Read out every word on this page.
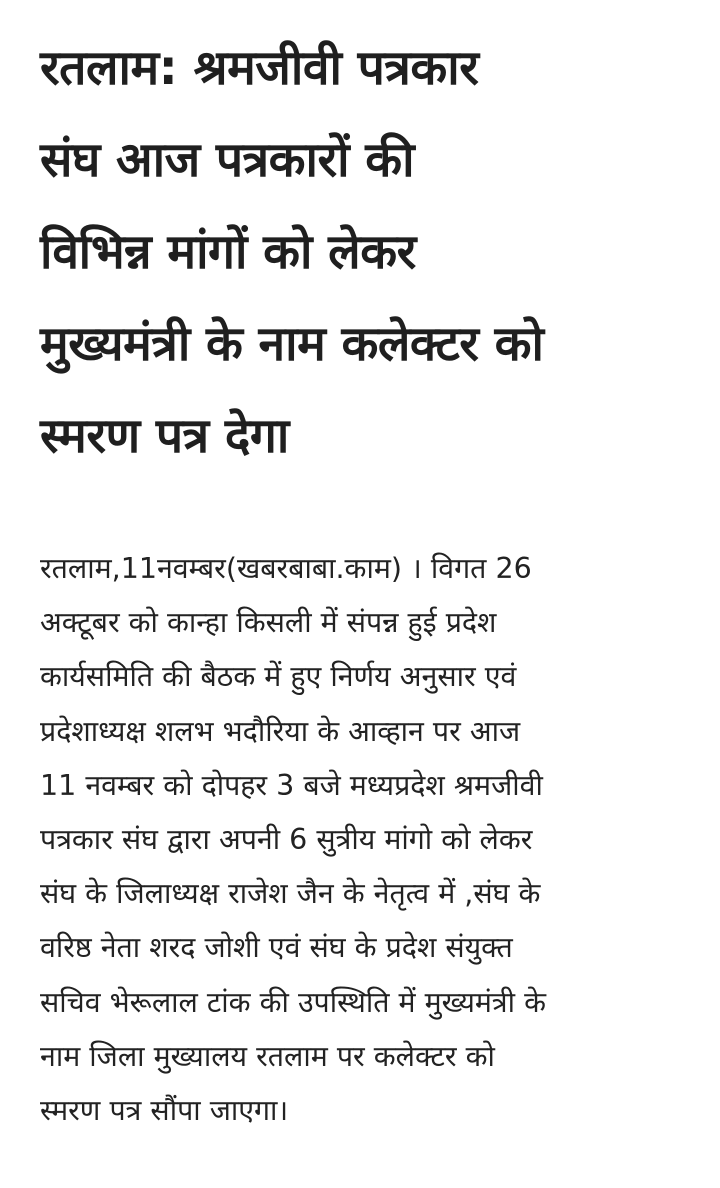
रतलाम: श्रमजीवी पत्रकार
संघ आज पत्रकारों की
विभिन्न मांगों को लेकर
मुख्यमंत्री के नाम कलेक्टर को
स्मरण पत्र देगा

रतलाम,11नवम्बर(खबरबाबा.काम) । विगत 26
अक्टूबर को कान्हा किसली में संपन्न हुई प्रदेश
कार्यसमिति की बैठक में हुए निर्णय अनुसार एवं
प्रदेशाध्यक्ष शलभ भदौरिया के आव्हान पर आज
11 नवम्बर को दोपहर 3 बजे मध्यप्रदेश श्रमजीवी
पत्रकार संघ द्वारा अपनी 6 सुत्रीय मांगो को लेकर
संघ के जिलाध्यक्ष राजेश जैन के नेतृत्व में ,संघ के
वरिष्ठ नेता शरद जोशी एवं संघ के प्रदेश संयुक्त
सचिव भेरूलाल टांक की उपस्थिति में मुख्यमंत्री के
नाम जिला मुख्यालय रतलाम पर कलेक्टर को
स्मरण पत्र सौंपा जाएगा।
